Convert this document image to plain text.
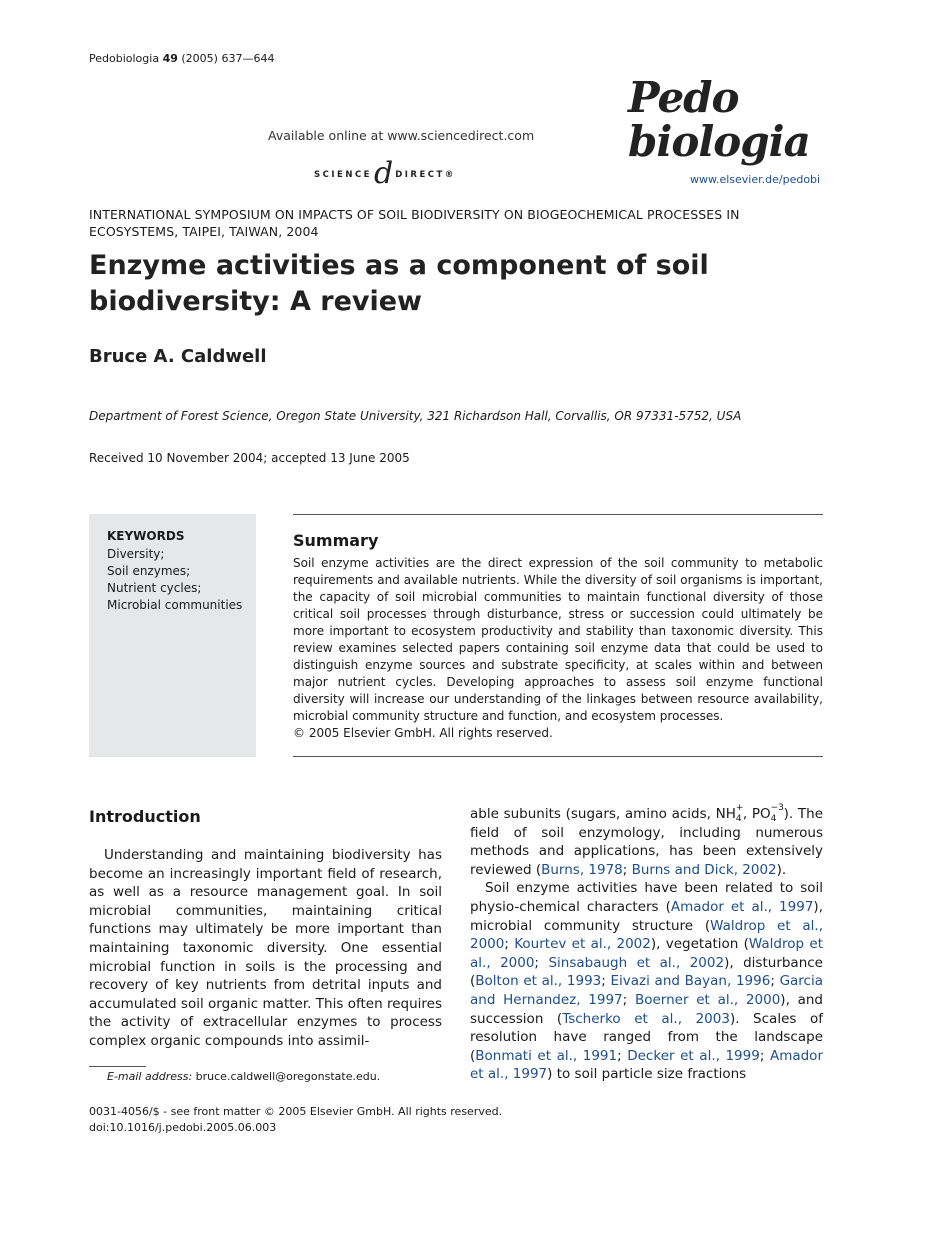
Pedobiologia 49 (2005) 637—644
Available online at www.sciencedirect.com
SCIENCEd DIRECT®
Pedo
biologia
www.elsevier.de/pedobi
INTERNATIONAL SYMPOSIUM ON IMPACTS OF SOIL BIODIVERSITY ON BIOGEOCHEMICAL PROCESSES IN ECOSYSTEMS, TAIPEI, TAIWAN, 2004
Enzyme activities as a component of soil biodiversity: A review
Bruce A. Caldwell
Department of Forest Science, Oregon State University, 321 Richardson Hall, Corvallis, OR 97331-5752, USA
Received 10 November 2004; accepted 13 June 2005
KEYWORDS
Diversity;
Soil enzymes;
Nutrient cycles;
Microbial communities
Summary
Soil enzyme activities are the direct expression of the soil community to metabolic requirements and available nutrients. While the diversity of soil organisms is important, the capacity of soil microbial communities to maintain functional diversity of those critical soil processes through disturbance, stress or succession could ultimately be more important to ecosystem productivity and stability than taxonomic diversity. This review examines selected papers containing soil enzyme data that could be used to distinguish enzyme sources and substrate specificity, at scales within and between major nutrient cycles. Developing approaches to assess soil enzyme functional diversity will increase our understanding of the linkages between resource availability, microbial community structure and function, and ecosystem processes.
© 2005 Elsevier GmbH. All rights reserved.
Introduction

Understanding and maintaining biodiversity has become an increasingly important field of research, as well as a resource management goal. In soil microbial communities, maintaining critical functions may ultimately be more important than maintaining taxonomic diversity. One essential microbial function in soils is the processing and recovery of key nutrients from detrital inputs and accumulated soil organic matter. This often requires the activity of extracellular enzymes to process complex organic compounds into assimil-

able subunits (sugars, amino acids, NH +
4 , PO −3
4 ). The field of soil enzymology, including numerous methods and applications, has been extensively reviewed (Burns, 1978; Burns and Dick, 2002).

Soil enzyme activities have been related to soil physio-chemical characters (Amador et al., 1997), microbial community structure (Waldrop et al., 2000; Kourtev et al., 2002), vegetation (Waldrop et al., 2000; Sinsabaugh et al., 2002), disturbance (Bolton et al., 1993; Eivazi and Bayan, 1996; Garcia and Hernandez, 1997; Boerner et al., 2000), and succession (Tscherko et al., 2003). Scales of resolution have ranged from the landscape (Bonmati et al., 1991; Decker et al., 1999; Amador et al., 1997) to soil particle size fractions

E-mail address: bruce.caldwell@oregonstate.edu.
0031-4056/$ - see front matter © 2005 Elsevier GmbH. All rights reserved.
doi:10.1016/j.pedobi.2005.06.003
